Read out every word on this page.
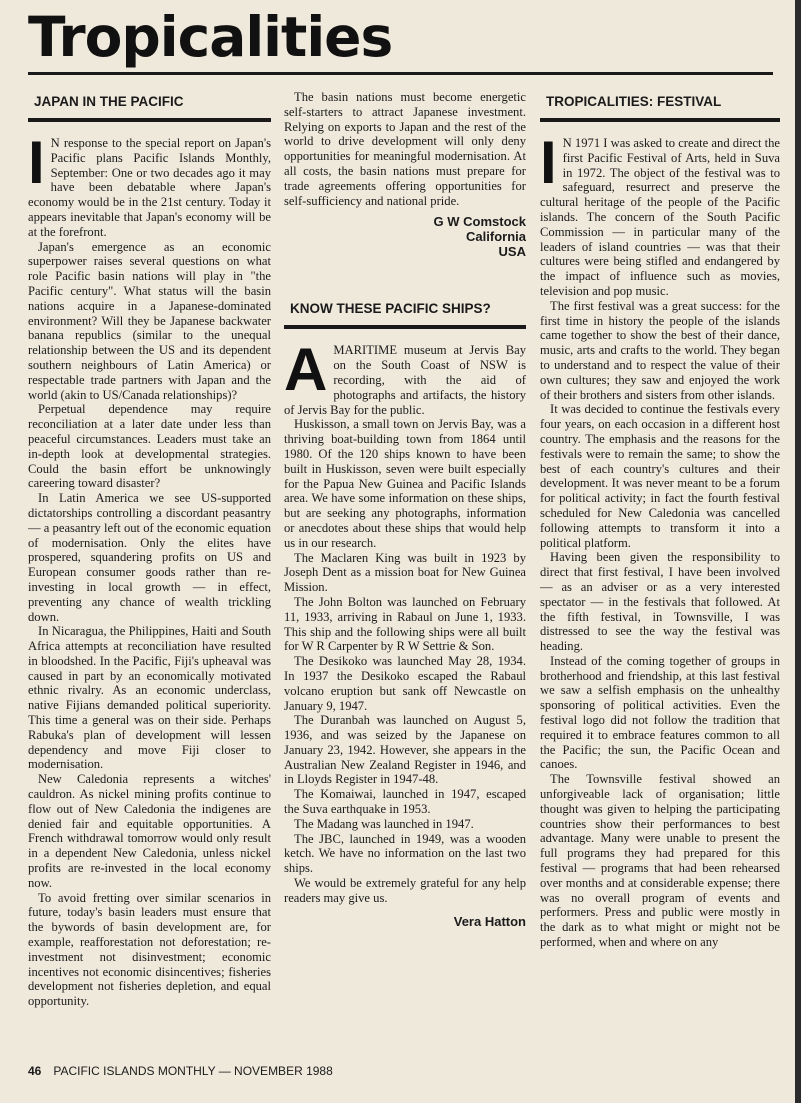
Tropicalities
JAPAN IN THE PACIFIC

I N response to the special report on Japan's Pacific plans Pacific Islands Monthly, September: One or two decades ago it may have been debatable where Japan's economy would be in the 21st century. Today it appears inevitable that Japan's economy will be at the forefront.

Japan's emergence as an economic superpower raises several questions on what role Pacific basin nations will play in "the Pacific century". What status will the basin nations acquire in a Japanese-dominated environment? Will they be Japanese backwater banana republics (similar to the unequal relationship between the US and its dependent southern neighbours of Latin America) or respectable trade partners with Japan and the world (akin to US/Canada relationships)?

Perpetual dependence may require reconciliation at a later date under less than peaceful circumstances. Leaders must take an in-depth look at developmental strategies. Could the basin effort be unknowingly careering toward disaster?

In Latin America we see US-supported dictatorships controlling a discordant peasantry — a peasantry left out of the economic equation of modernisation. Only the elites have prospered, squandering profits on US and European consumer goods rather than re-investing in local growth — in effect, preventing any chance of wealth trickling down.

In Nicaragua, the Philippines, Haiti and South Africa attempts at reconciliation have resulted in bloodshed. In the Pacific, Fiji's upheaval was caused in part by an economically motivated ethnic rivalry. As an economic underclass, native Fijians demanded political superiority. This time a general was on their side. Perhaps Rabuka's plan of development will lessen dependency and move Fiji closer to modernisation.

New Caledonia represents a witches' cauldron. As nickel mining profits continue to flow out of New Caledonia the indigenes are denied fair and equitable opportunities. A French withdrawal tomorrow would only result in a dependent New Caledonia, unless nickel profits are re-invested in the local economy now.

To avoid fretting over similar scenarios in future, today's basin leaders must ensure that the bywords of basin development are, for example, reafforestation not deforestation; re-investment not disinvestment; economic incentives not economic disincentives; fisheries development not fisheries depletion, and equal opportunity.

The basin nations must become energetic self-starters to attract Japanese investment. Relying on exports to Japan and the rest of the world to drive development will only deny opportunities for meaningful modernisation. At all costs, the basin nations must prepare for trade agreements offering opportunities for self-sufficiency and national pride.

G W Comstock
California
USA
KNOW THESE PACIFIC SHIPS?

AMARITIME museum at Jervis Bay on the South Coast of NSW is recording, with the aid of photographs and artifacts, the history of Jervis Bay for the public.

Huskisson, a small town on Jervis Bay, was a thriving boat-building town from 1864 until 1980. Of the 120 ships known to have been built in Huskisson, seven were built especially for the Papua New Guinea and Pacific Islands area. We have some information on these ships, but are seeking any photographs, information or anecdotes about these ships that would help us in our research.

The Maclaren King was built in 1923 by Joseph Dent as a mission boat for New Guinea Mission.

The John Bolton was launched on February 11, 1933, arriving in Rabaul on June 1, 1933. This ship and the following ships were all built for W R Carpenter by R W Settrie & Son.

The Desikoko was launched May 28, 1934. In 1937 the Desikoko escaped the Rabaul volcano eruption but sank off Newcastle on January 9, 1947.

The Duranbah was launched on August 5, 1936, and was seized by the Japanese on January 23, 1942. However, she appears in the Australian New Zealand Register in 1946, and in Lloyds Register in 1947-48.

The Komaiwai, launched in 1947, escaped the Suva earthquake in 1953.

The Madang was launched in 1947.

The JBC, launched in 1949, was a wooden ketch. We have no information on the last two ships.

We would be extremely grateful for any help readers may give us.

Vera Hatton
TROPICALITIES: FESTIVAL

I N 1971 I was asked to create and direct the first Pacific Festival of Arts, held in Suva in 1972. The object of the festival was to safeguard, resurrect and preserve the cultural heritage of the people of the Pacific islands. The concern of the South Pacific Commission — in particular many of the leaders of island countries — was that their cultures were being stifled and endangered by the impact of influence such as movies, television and pop music.

The first festival was a great success: for the first time in history the people of the islands came together to show the best of their dance, music, arts and crafts to the world. They began to understand and to respect the value of their own cultures; they saw and enjoyed the work of their brothers and sisters from other islands.

It was decided to continue the festivals every four years, on each occasion in a different host country. The emphasis and the reasons for the festivals were to remain the same; to show the best of each country's cultures and their development. It was never meant to be a forum for political activity; in fact the fourth festival scheduled for New Caledonia was cancelled following attempts to transform it into a political platform.

Having been given the responsibility to direct that first festival, I have been involved — as an adviser or as a very interested spectator — in the festivals that followed. At the fifth festival, in Townsville, I was distressed to see the way the festival was heading.

Instead of the coming together of groups in brotherhood and friendship, at this last festival we saw a selfish emphasis on the unhealthy sponsoring of political activities. Even the festival logo did not follow the tradition that required it to embrace features common to all the Pacific; the sun, the Pacific Ocean and canoes.

The Townsville festival showed an unforgiveable lack of organisation; little thought was given to helping the participating countries show their performances to best advantage. Many were unable to present the full programs they had prepared for this festival — programs that had been rehearsed over months and at considerable expense; there was no overall program of events and performers. Press and public were mostly in the dark as to what might or might not be performed, when and where on any

46 PACIFIC ISLANDS MONTHLY — NOVEMBER 1988
